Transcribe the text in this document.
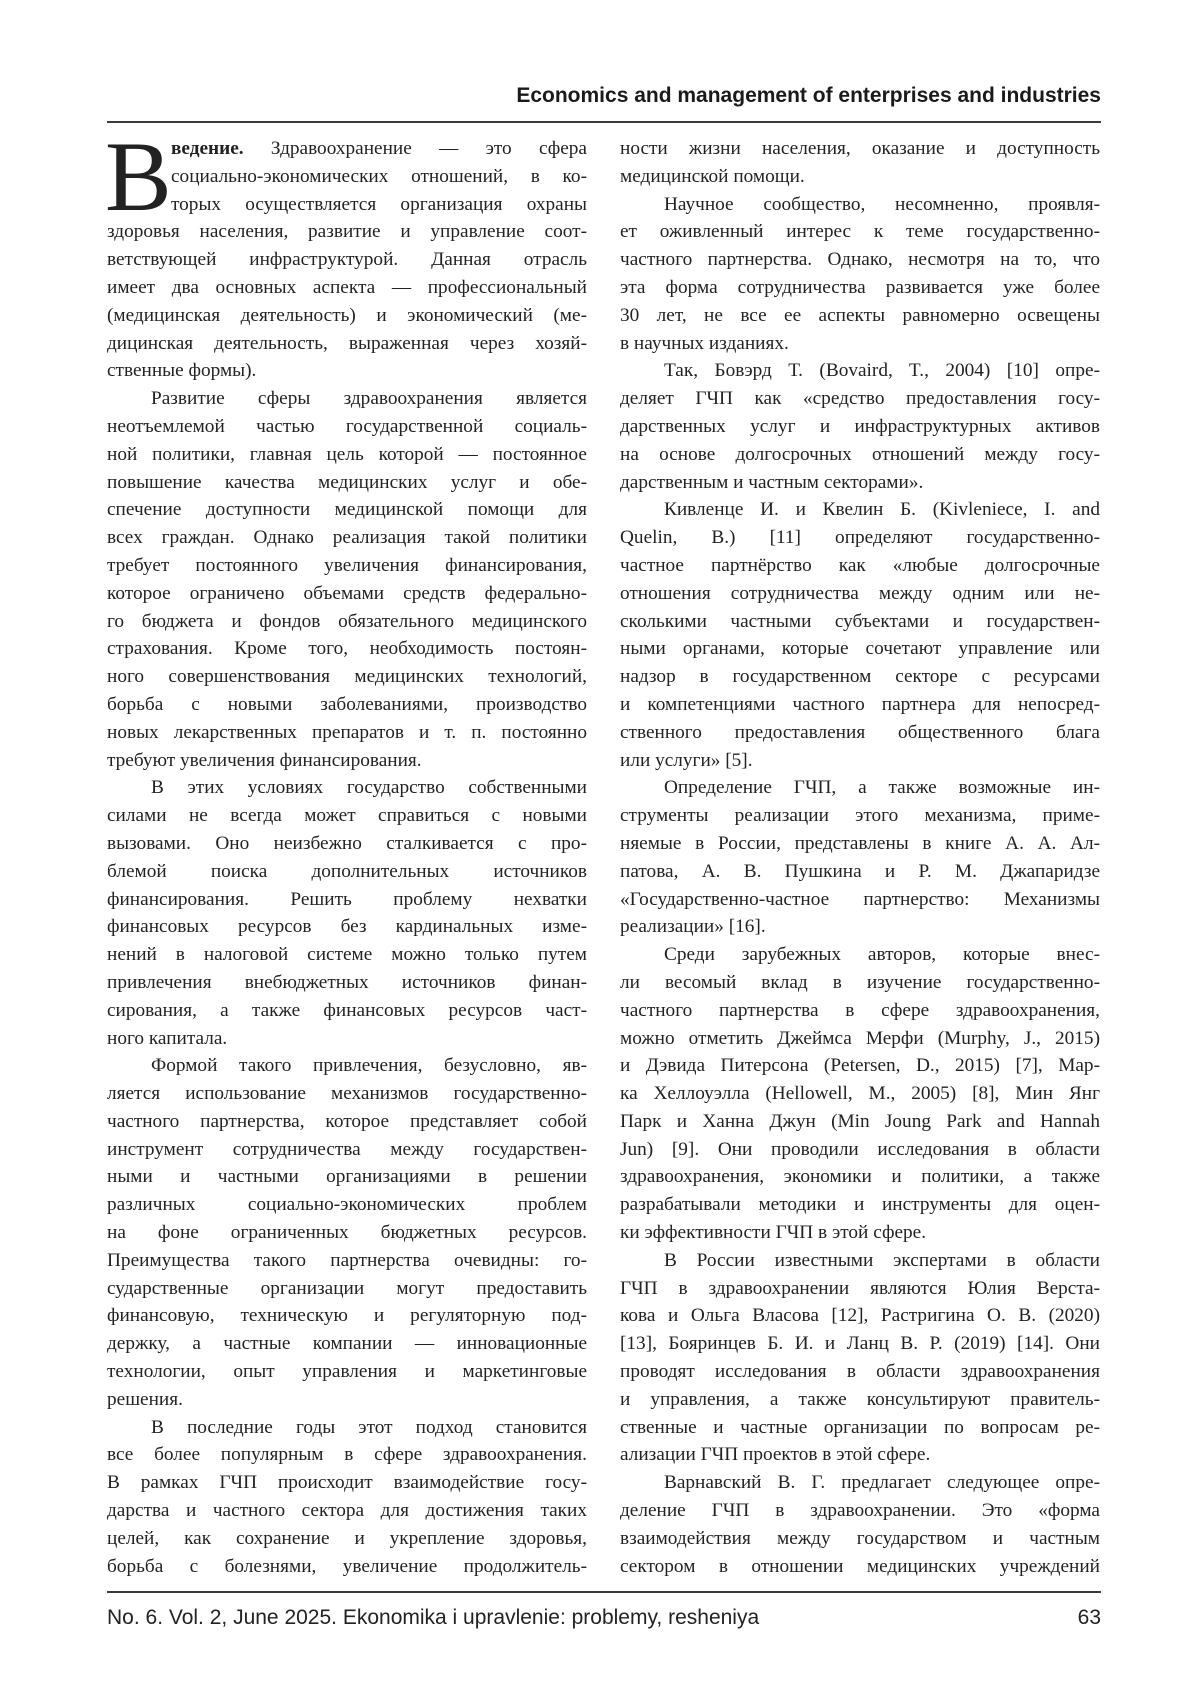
Economics and management of enterprises and industries
В ведение. Здравоохранение — это сфера
социально-экономических отношений, в ко-
торых осуществляется организация охраны
здоровья населения, развитие и управление соот-
ветствующей инфраструктурой. Данная отрасль
имеет два основных аспекта — профессиональный
(медицинская деятельность) и экономический (ме-
дицинская деятельность, выраженная через хозяй-
ственные формы).
Развитие сферы здравоохранения является
неотъемлемой частью государственной социаль-
ной политики, главная цель которой — постоянное
повышение качества медицинских услуг и обе-
спечение доступности медицинской помощи для
всех граждан. Однако реализация такой политики
требует постоянного увеличения финансирования,
которое ограничено объемами средств федерально-
го бюджета и фондов обязательного медицинского
страхования. Кроме того, необходимость постоян-
ного совершенствования медицинских технологий,
борьба с новыми заболеваниями, производство
новых лекарственных препаратов и т. п. постоянно
требуют увеличения финансирования.
В этих условиях государство собственными
силами не всегда может справиться с новыми
вызовами. Оно неизбежно сталкивается с про-
блемой поиска дополнительных источников
финансирования. Решить проблему нехватки
финансовых ресурсов без кардинальных изме-
нений в налоговой системе можно только путем
привлечения внебюджетных источников финан-
сирования, а также финансовых ресурсов част-
ного капитала.
Формой такого привлечения, безусловно, яв-
ляется использование механизмов государственно-
частного партнерства, которое представляет собой
инструмент сотрудничества между государствен-
ными и частными организациями в решении
различных социально-экономических проблем
на фоне ограниченных бюджетных ресурсов.
Преимущества такого партнерства очевидны: го-
сударственные организации могут предоставить
финансовую, техническую и регуляторную под-
держку, а частные компании — инновационные
технологии, опыт управления и маркетинговые
решения.
В последние годы этот подход становится
все более популярным в сфере здравоохранения.
В рамках ГЧП происходит взаимодействие госу-
дарства и частного сектора для достижения таких
целей, как сохранение и укрепление здоровья,
борьба с болезнями, увеличение продолжитель-
ности жизни населения, оказание и доступность
медицинской помощи.
Научное сообщество, несомненно, проявля-
ет оживленный интерес к теме государственно-
частного партнерства. Однако, несмотря на то, что
эта форма сотрудничества развивается уже более
30 лет, не все ее аспекты равномерно освещены
в научных изданиях.
Так, Бовэрд Т. (Bovaird, T., 2004) [10] опре-
деляет ГЧП как «средство предоставления госу-
дарственных услуг и инфраструктурных активов
на основе долгосрочных отношений между госу-
дарственным и частным секторами».
Кивленце И. и Квелин Б. (Kivleniece, I. and
Quelin, B.) [11] определяют государственно-
частное партнёрство как «любые долгосрочные
отношения сотрудничества между одним или не-
сколькими частными субъектами и государствен-
ными органами, которые сочетают управление или
надзор в государственном секторе с ресурсами
и компетенциями частного партнера для непосред-
ственного предоставления общественного блага
или услуги» [5].
Определение ГЧП, а также возможные ин-
струменты реализации этого механизма, приме-
няемые в России, представлены в книге А. А. Ал-
патова, А. В. Пушкина и Р. М. Джапаридзе
«Государственно-частное партнерство: Механизмы
реализации» [16].
Среди зарубежных авторов, которые внес-
ли весомый вклад в изучение государственно-
частного партнерства в сфере здравоохранения,
можно отметить Джеймса Мерфи (Murphy, J., 2015)
и Дэвида Питерсона (Petersen, D., 2015) [7], Мар-
ка Хеллоуэлла (Hellowell, M., 2005) [8], Мин Янг
Парк и Ханна Джун (Min Joung Park and Hannah
Jun) [9]. Они проводили исследования в области
здравоохранения, экономики и политики, а также
разрабатывали методики и инструменты для оцен-
ки эффективности ГЧП в этой сфере.
В России известными экспертами в области
ГЧП в здравоохранении являются Юлия Верста-
кова и Ольга Власова [12], Растригина О. В. (2020)
[13], Бояринцев Б. И. и Ланц В. Р. (2019) [14]. Они
проводят исследования в области здравоохранения
и управления, а также консультируют правитель-
ственные и частные организации по вопросам ре-
ализации ГЧП проектов в этой сфере.
Варнавский В. Г. предлагает следующее опре-
деление ГЧП в здравоохранении. Это «форма
взаимодействия между государством и частным
сектором в отношении медицинских учреждений
No. 6. Vol. 2, June 2025. Ekonomika i upravlenie: problemy, resheniya	63
